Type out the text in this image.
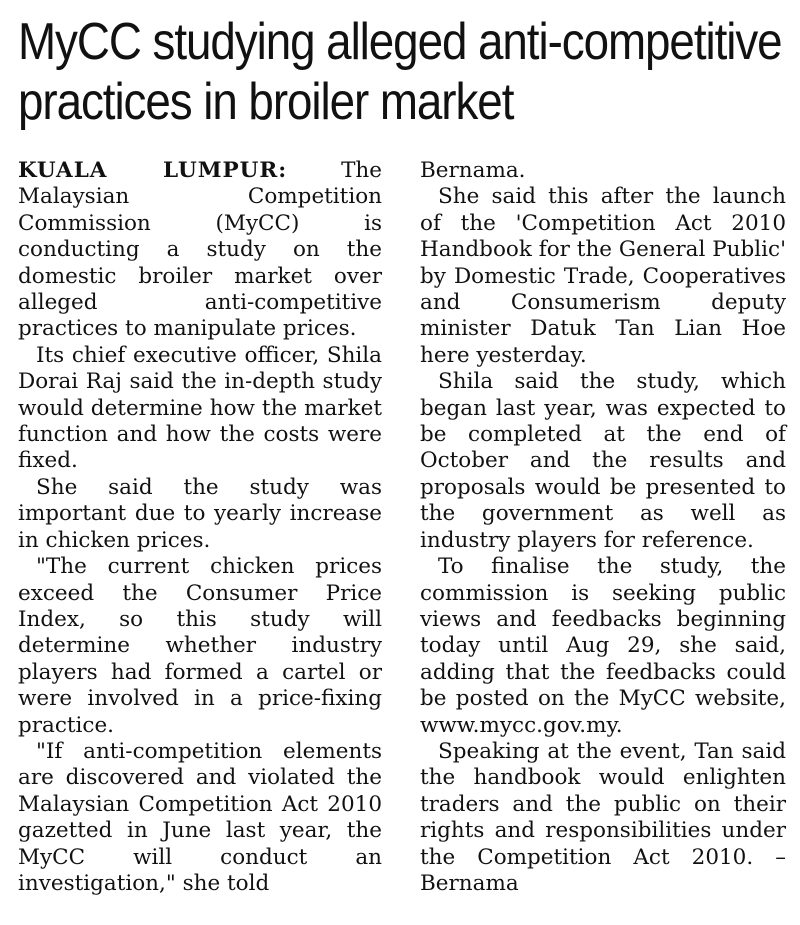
MyCC studying alleged anti-competitive
practices in broiler market

KUALA LUMPUR:	The Malaysian Competition Commission (MyCC) is conducting a study on the domestic broiler market over alleged anti-competitive practices to manipulate prices.

Its chief executive officer, Shila Dorai Raj said the in-depth study would determine how the market function and how the costs were fixed.

She said the study was important due to yearly increase in chicken prices.

"The current chicken prices exceed the Consumer Price Index, so this study will determine whether industry players had formed a cartel or were involved in a price-fixing practice.

"If anti-competition elements are discovered and violated the Malaysian Competition Act 2010 gazetted in June last year, the MyCC will conduct an investigation," she told

Bernama.

She said this after the launch of the 'Competition Act 2010 Handbook for the General Public' by Domestic Trade, Cooperatives and Consumerism deputy minister Datuk Tan Lian Hoe here yesterday.

Shila said the study, which began last year, was expected to be completed at the end of October and the results and proposals would be presented to the government as well as industry players for reference.

To finalise the study, the commission is seeking public views and feedbacks beginning today until Aug 29, she said, adding that the feedbacks could be posted on the MyCC website, www.mycc.gov.my.

Speaking at the event, Tan said the handbook would enlighten traders and the public on their rights and responsibilities under the Competition Act 2010. – Bernama
